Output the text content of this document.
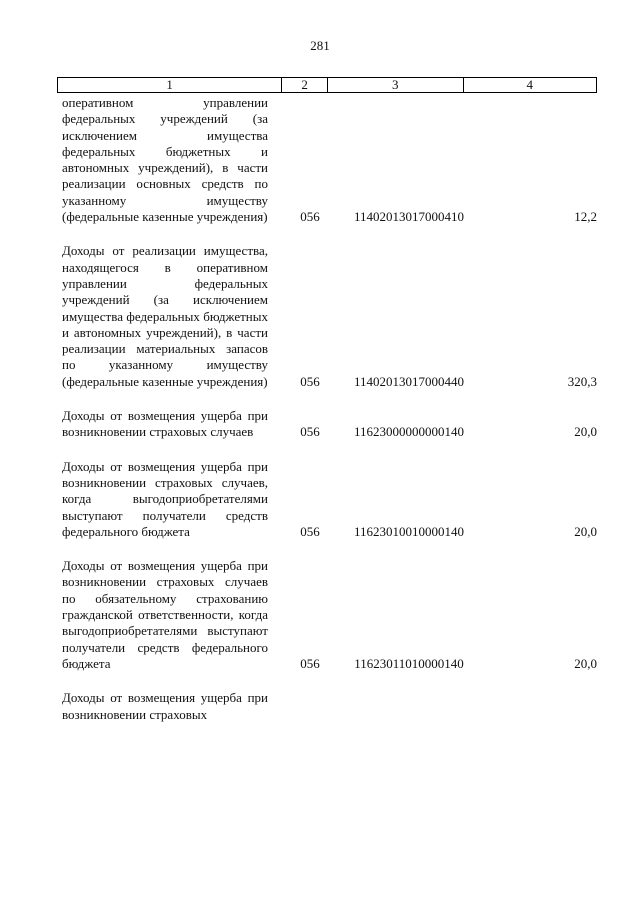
281
1	2	3	4
оперативном управлении федеральных учреждений (за исключением имущества федеральных бюджетных и автономных учреждений), в части реализации основных средств по указанному имуществу (федеральные казенные учреждения)	056	11402013017000410	12,2
Доходы от реализации имущества, находящегося в оперативном управлении федеральных учреждений (за исключением имущества федеральных бюджетных и автономных учреждений), в части реализации материальных запасов по указанному имуществу (федеральные казенные учреждения)	056	11402013017000440	320,3
Доходы от возмещения ущерба при возникновении страховых случаев	056	11623000000000140	20,0
Доходы от возмещения ущерба при возникновении страховых случаев, когда выгодоприобретателями выступают получатели средств федерального бюджета	056	11623010010000140	20,0
Доходы от возмещения ущерба при возникновении страховых случаев по обязательному страхованию гражданской ответственности, когда выгодоприобретателями выступают получатели средств федерального бюджета	056	11623011010000140	20,0
Доходы от возмещения ущерба при возникновении страховых
